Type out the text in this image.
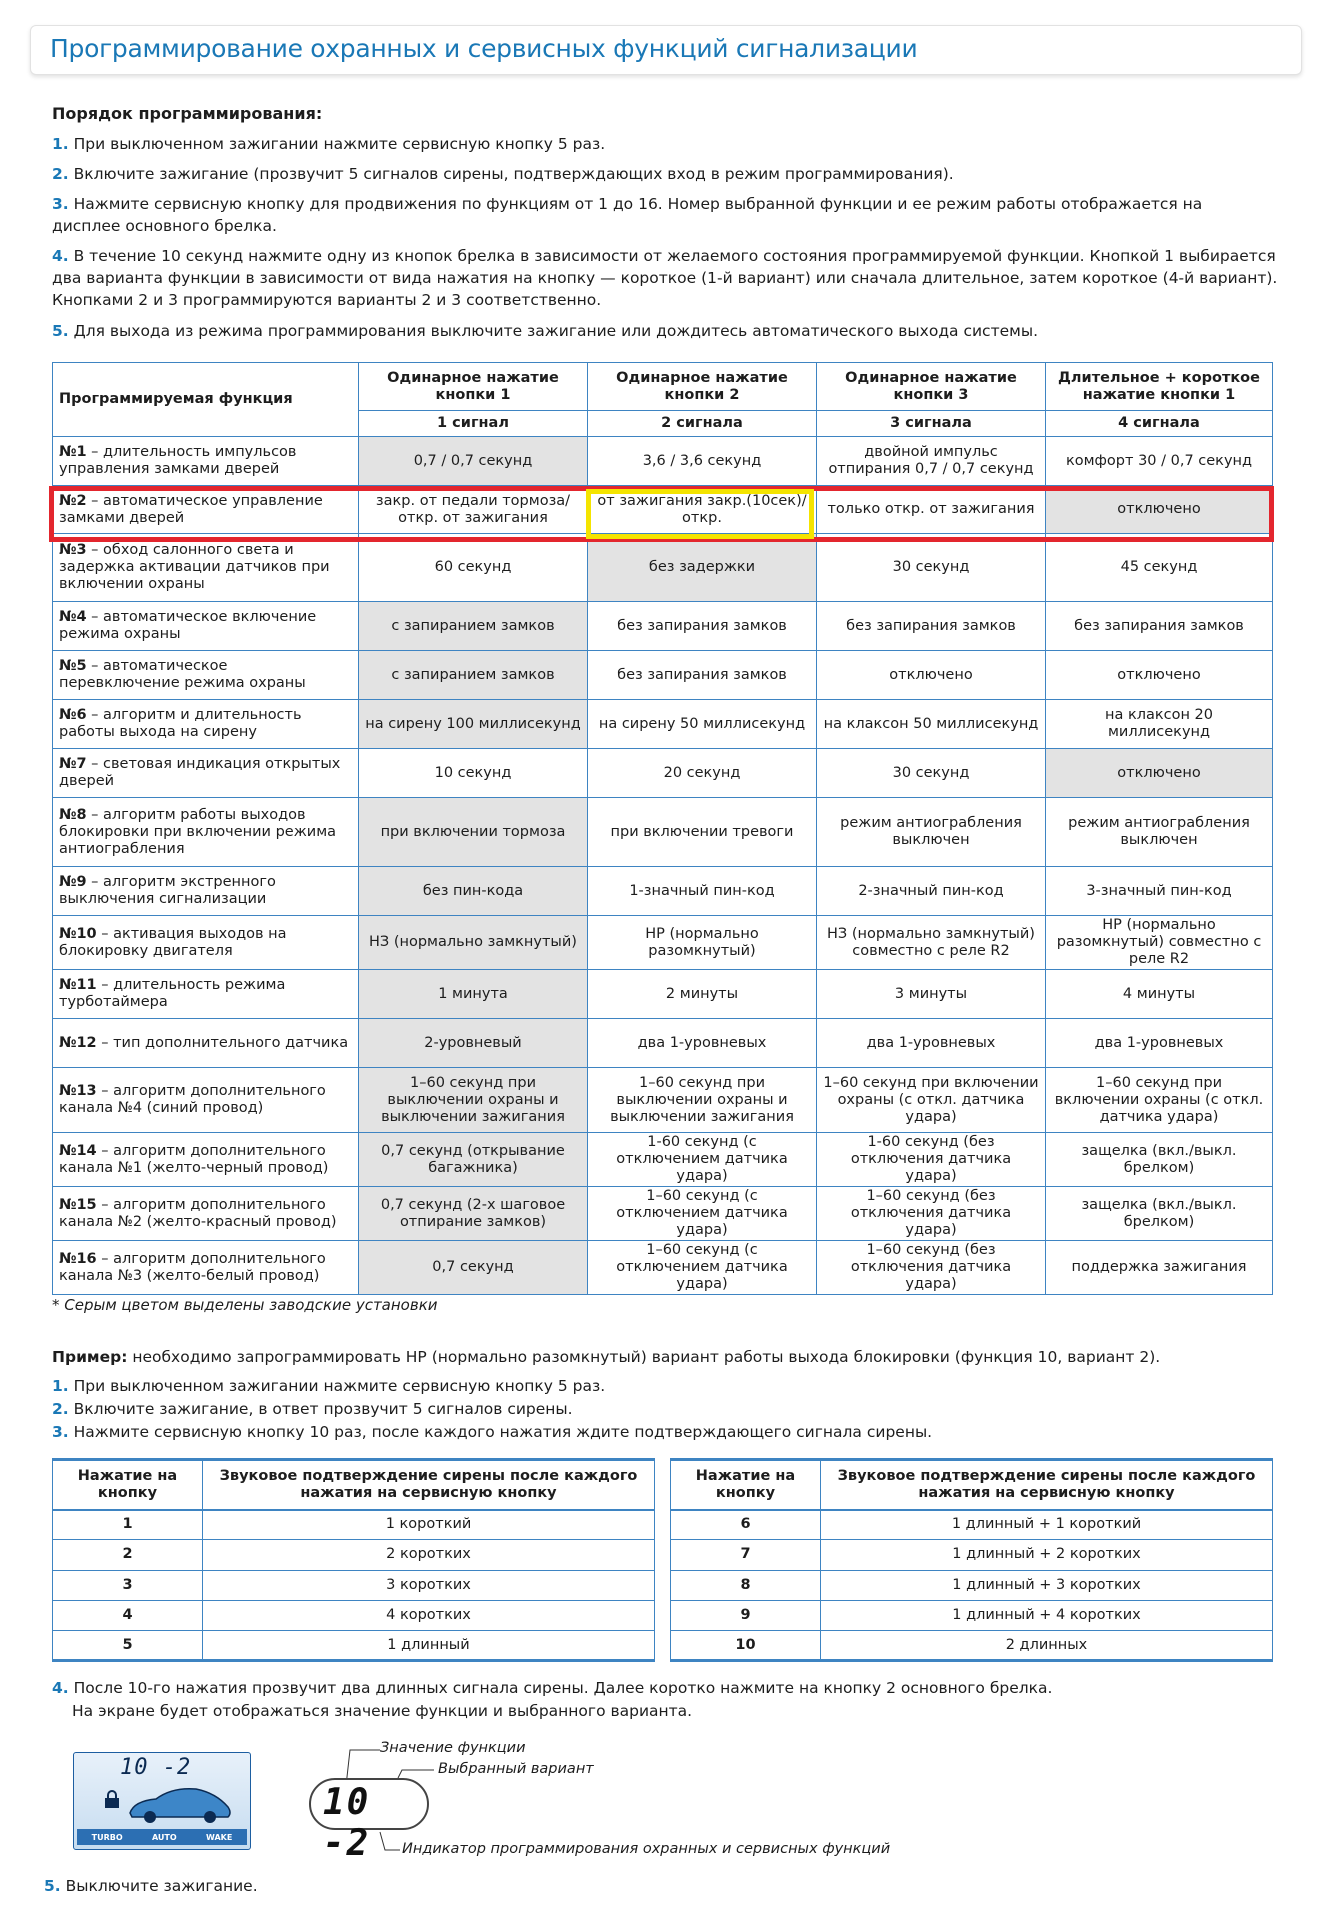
Программирование охранных и сервисных функций сигнализации
Порядок программирования:
1. При выключенном зажигании нажмите сервисную кнопку 5 раз.
2. Включите зажигание (прозвучит 5 сигналов сирены, подтверждающих вход в режим программирования).
3. Нажмите сервисную кнопку для продвижения по функциям от 1 до 16. Номер выбранной функции и ее режим работы отображается на дисплее основного брелка.
4. В течение 10 секунд нажмите одну из кнопок брелка в зависимости от желаемого состояния программируемой функции. Кнопкой 1 выбирается два варианта функции в зависимости от вида нажатия на кнопку — короткое (1-й вариант) или сначала длительное, затем короткое (4-й вариант). Кнопками 2 и 3 программируются варианты 2 и 3 соответственно.
5. Для выхода из режима программирования выключите зажигание или дождитесь автоматического выхода системы.
Программируемая функция	Одинарное нажатие кнопки 1	Одинарное нажатие кнопки 2	Одинарное нажатие кнопки 3	Длительное + короткое нажатие кнопки 1
	1 сигнал	2 сигнала	3 сигнала	4 сигнала
№1 – длительность импульсов управления замками дверей	0,7 / 0,7 секунд	3,6 / 3,6 секунд	двойной импульс отпирания 0,7 / 0,7 секунд	комфорт 30 / 0,7 секунд
№2 – автоматическое управление замками дверей	закр. от педали тормоза/ откр. от зажигания	от зажигания закр.(10сек)/ откр.	только откр. от зажигания	отключено
№3 – обход салонного света и задержка активации датчиков при включении охраны	60 секунд	без задержки	30 секунд	45 секунд
№4 – автоматическое включение режима охраны	с запиранием замков	без запирания замков	без запирания замков	без запирания замков
№5 – автоматическое перевключение режима охраны	с запиранием замков	без запирания замков	отключено	отключено
№6 – алгоритм и длительность работы выхода на сирену	на сирену 100 миллисекунд	на сирену 50 миллисекунд	на клаксон 50 миллисекунд	на клаксон 20 миллисекунд
№7 – световая индикация открытых дверей	10 секунд	20 секунд	30 секунд	отключено
№8 – алгоритм работы выходов блокировки при включении режима антиограбления	при включении тормоза	при включении тревоги	режим антиограбления выключен	режим антиограбления выключен
№9 – алгоритм экстренного выключения сигнализации	без пин-кода	1-значный пин-код	2-значный пин-код	3-значный пин-код
№10 – активация выходов на блокировку двигателя	НЗ (нормально замкнутый)	НР (нормально разомкнутый)	НЗ (нормально замкнутый) совместно с реле R2	НР (нормально разомкнутый) совместно с реле R2
№11 – длительность режима турботаймера	1 минута	2 минуты	3 минуты	4 минуты
№12 – тип дополнительного датчика	2-уровневый	два 1-уровневых	два 1-уровневых	два 1-уровневых
№13 – алгоритм дополнительного канала №4 (синий провод)	1–60 секунд при выключении охраны и выключении зажигания	1–60 секунд при выключении охраны и выключении зажигания	1–60 секунд при включении охраны (с откл. датчика удара)	1–60 секунд при включении охраны (с откл. датчика удара)
№14 – алгоритм дополнительного канала №1 (желто-черный провод)	0,7 секунд (открывание багажника)	1-60 секунд (с отключением датчика удара)	1-60 секунд (без отключения датчика удара)	защелка (вкл./выкл. брелком)
№15 – алгоритм дополнительного канала №2 (желто-красный провод)	0,7 секунд (2-х шаговое отпирание замков)	1–60 секунд (с отключением датчика удара)	1–60 секунд (без отключения датчика удара)	защелка (вкл./выкл. брелком)
№16 – алгоритм дополнительного канала №3 (желто-белый провод)	0,7 секунд	1–60 секунд (с отключением датчика удара)	1–60 секунд (без отключения датчика удара)	поддержка зажигания
* Серым цветом выделены заводские установки
Пример: необходимо запрограммировать НР (нормально разомкнутый) вариант работы выхода блокировки (функция 10, вариант 2).
1. При выключенном зажигании нажмите сервисную кнопку 5 раз.
2. Включите зажигание, в ответ прозвучит 5 сигналов сирены.
3. Нажмите сервисную кнопку 10 раз, после каждого нажатия ждите подтверждающего сигнала сирены.
Нажатие на кнопку	Звуковое подтверждение сирены после каждого нажатия на сервисную кнопку
1	1 короткий
2	2 коротких
3	3 коротких
4	4 коротких
5	1 длинный
Нажатие на кнопку	Звуковое подтверждение сирены после каждого нажатия на сервисную кнопку
6	1 длинный + 1 короткий
7	1 длинный + 2 коротких
8	1 длинный + 3 коротких
9	1 длинный + 4 коротких
10	2 длинных
4. После 10-го нажатия прозвучит два длинных сигнала сирены. Далее коротко нажмите на кнопку 2 основного брелка.
На экране будет отображаться значение функции и выбранного варианта.
10 -2
TURBO	AUTO	WAKE
10 -2
Значение функции
Выбранный вариант
Индикатор программирования охранных и сервисных функций
5. Выключите зажигание.
